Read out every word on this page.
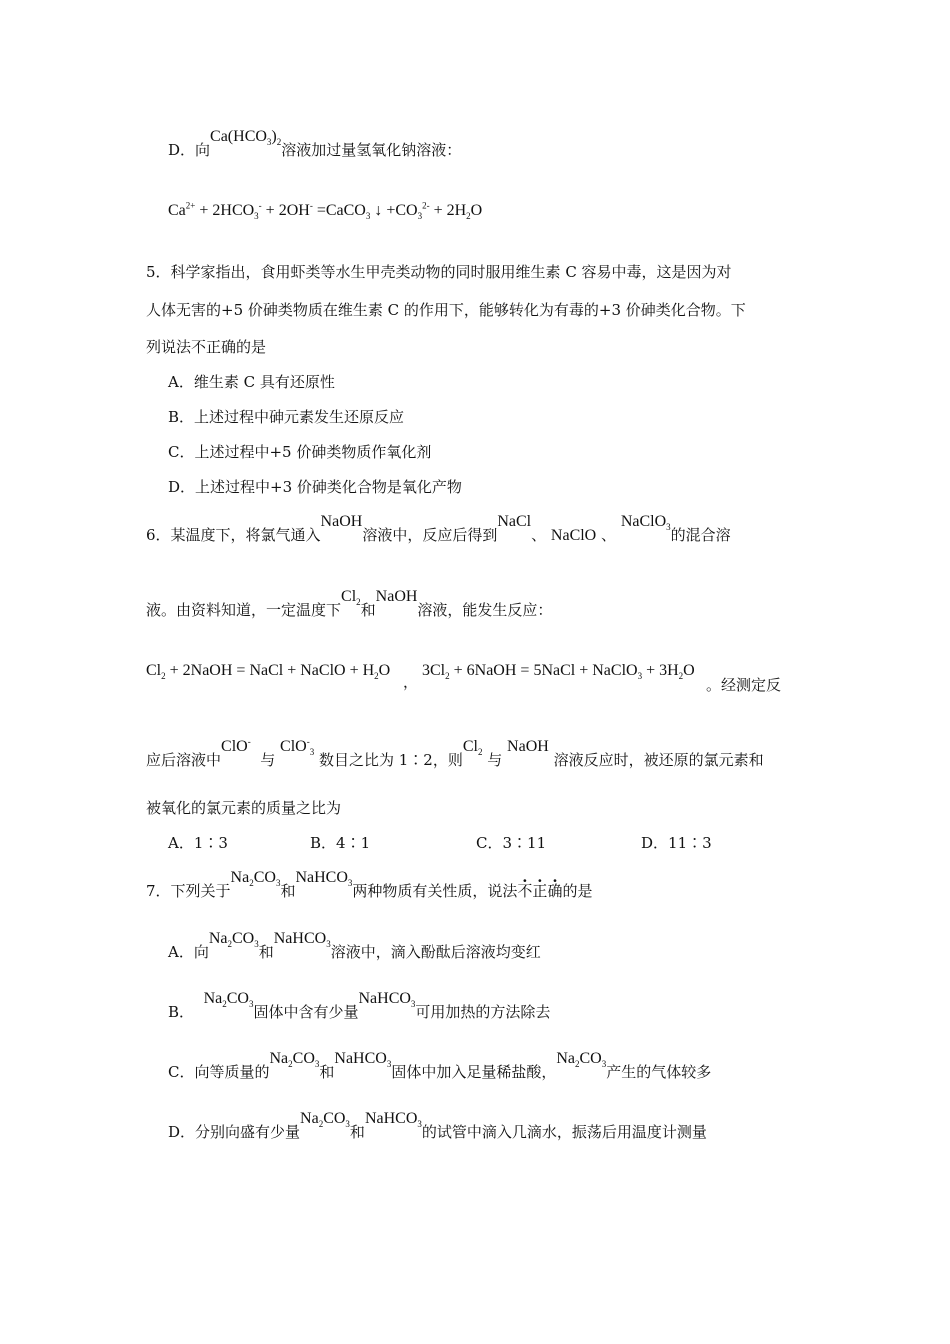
D．向$Ca(HCO_3)_2$溶液加过量氢氧化钠溶液：
$Ca^{2+} + 2HCO_3^- + 2OH^-$ =CaCO$_3$ ↓ $+CO_3^{2-} + 2H_2O$
5．科学家指出，食用虾类等水生甲壳类动物的同时服用维生素 C 容易中毒，这是因为对
人体无害的+5 价砷类物质在维生素 C 的作用下，能够转化为有毒的+3 价砷类化合物。下
列说法不正确的是
A．维生素 C 具有还原性
B．上述过程中砷元素发生还原反应
C．上述过程中+5 价砷类物质作氧化剂
D．上述过程中+3 价砷类化合物是氧化产物
6．某温度下，将氯气通入NaOH溶液中，反应后得到NaCl、 NaClO 、 NaClO$_3$的混合溶
液。由资料知道，一定温度下$Cl_2$和NaOH溶液，能发生反应：
$Cl_2$ + 2NaOH = NaCl + NaClO + $H_2O$
，
$3Cl_2$ + 6NaOH = 5NaCl + NaClO$_3$ + $3H_2O$
。经测定反
应后溶液中ClO-  与 ClO-$_3$ 数目之比为 1∶2，则$Cl_2$ 与 NaOH 溶液反应时，被还原的氯元素和
被氧化的氯元素的质量之比为
A．1∶3	B．4∶1	C．3∶11	D．11∶3
7．下列关于$Na_2CO_3$和NaHCO$_3$两种物质有关性质，说法不正确的是
A．向$Na_2CO_3$和NaHCO$_3$溶液中，滴入酚酞后溶液均变红
B．  $Na_2CO_3$固体中含有少量NaHCO$_3$可用加热的方法除去
C．向等质量的$Na_2CO_3$和NaHCO$_3$固体中加入足量稀盐酸，$Na_2CO_3$产生的气体较多
D．分别向盛有少量$Na_2CO_3$和NaHCO$_3$的试管中滴入几滴水，振荡后用温度计测量
